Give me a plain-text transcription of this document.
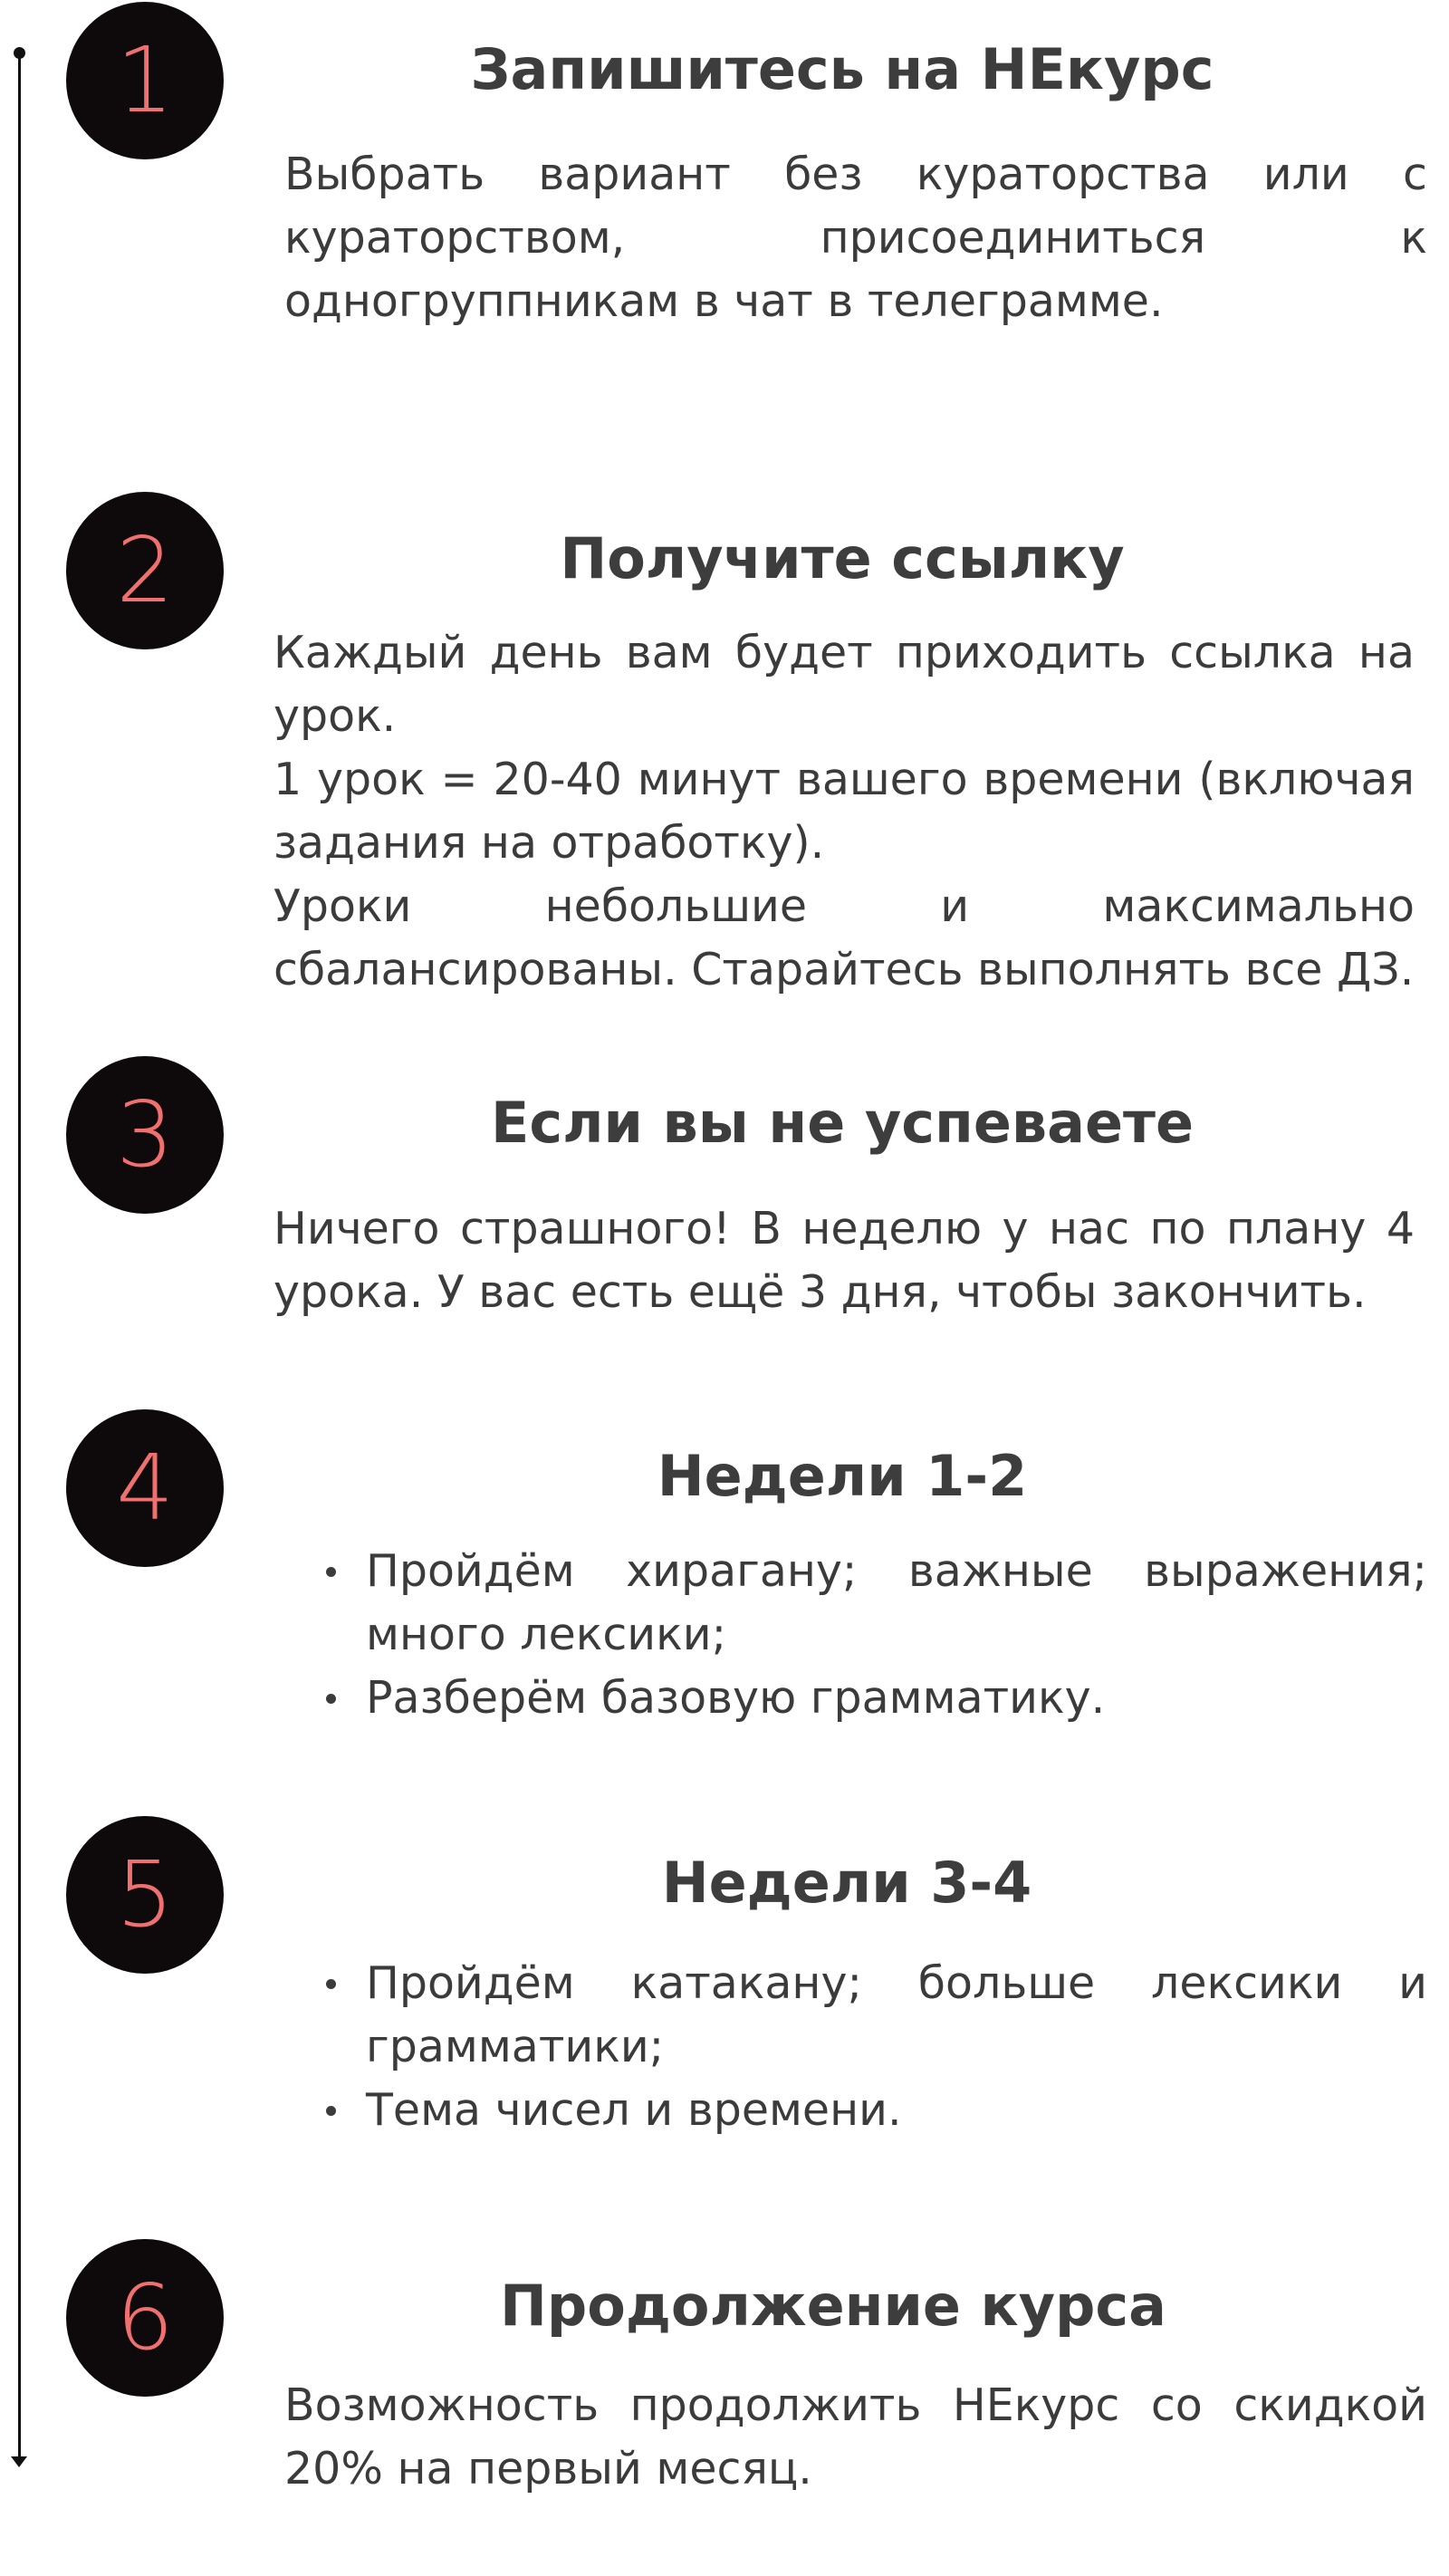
1	Запишитесь на НЕкурс

Выбрать вариант без кураторства или с кураторством, присоединиться к одногруппникам в чат в телеграмме.

2	Получите ссылку

Каждый день вам будет приходить ссылка на урок.

1 урок = 20-40 минут вашего времени (включая задания на отработку).

Уроки небольшие и максимально сбалансированы. Старайтесь выполнять все ДЗ.

3	Если вы не успеваете

Ничего страшного! В неделю у нас по плану 4 урока. У вас есть ещё 3 дня, чтобы закончить.

4	Недели 1-2
Пройдём хирагану; важные выражения; много лексики;
Разберём базовую грамматику.
5	Недели 3-4
Пройдём катакану; больше лексики и грамматики;
Тема чисел и времени.
6	Продолжение курса

Возможность продолжить НЕкурс со скидкой 20% на первый месяц.
